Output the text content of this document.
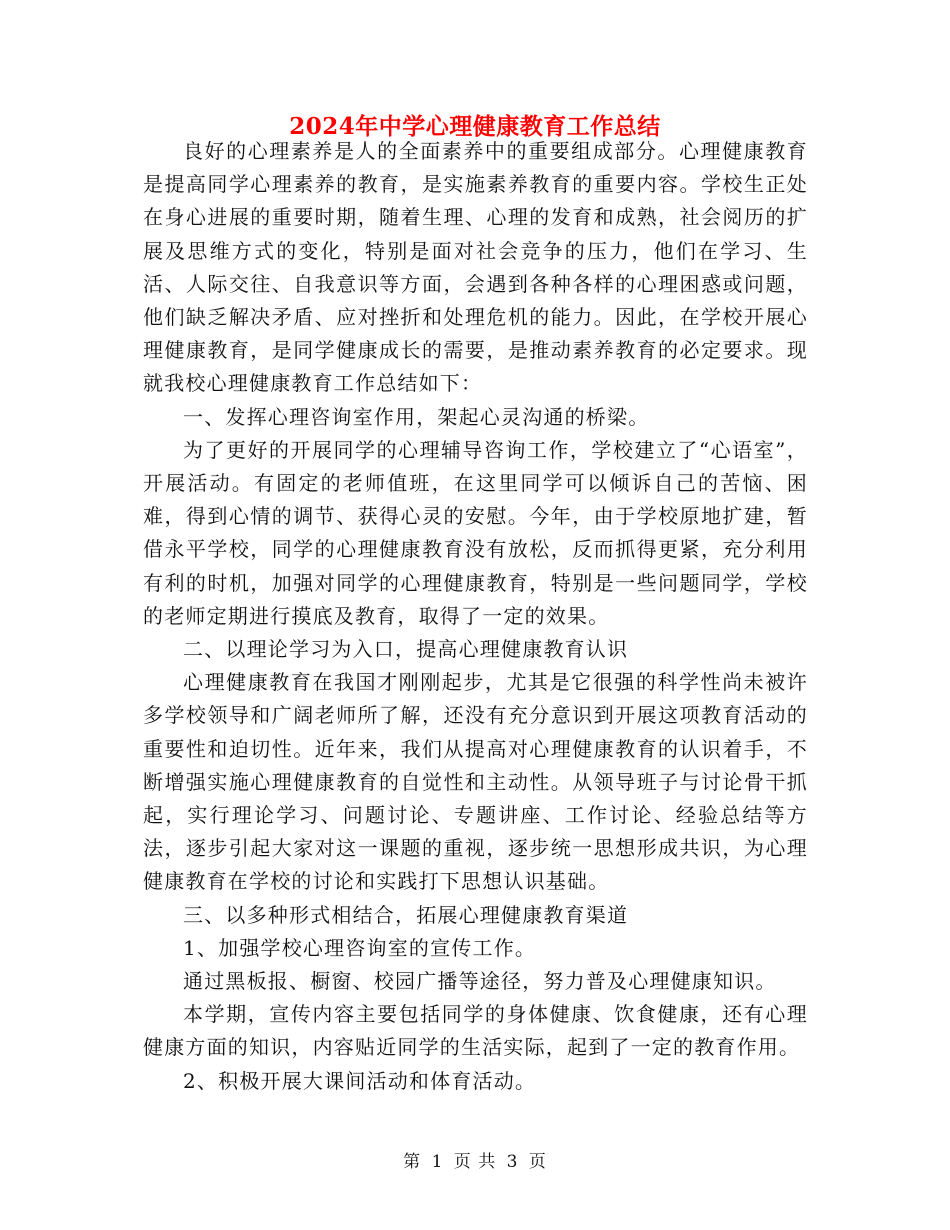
2024年中学心理健康教育工作总结

良好的心理素养是人的全面素养中的重要组成部分。心理健康教育是提高同学心理素养的教育，是实施素养教育的重要内容。学校生正处在身心进展的重要时期，随着生理、心理的发育和成熟，社会阅历的扩展及思维方式的变化，特别是面对社会竞争的压力，他们在学习、生活、人际交往、自我意识等方面，会遇到各种各样的心理困惑或问题，他们缺乏解决矛盾、应对挫折和处理危机的能力。因此，在学校开展心理健康教育，是同学健康成长的需要，是推动素养教育的必定要求。现就我校心理健康教育工作总结如下：

一、发挥心理咨询室作用，架起心灵沟通的桥梁。

为了更好的开展同学的心理辅导咨询工作，学校建立了“心语室”，开展活动。有固定的老师值班，在这里同学可以倾诉自己的苦恼、困难，得到心情的调节、获得心灵的安慰。今年，由于学校原地扩建，暂借永平学校，同学的心理健康教育没有放松，反而抓得更紧，充分利用有利的时机，加强对同学的心理健康教育，特别是一些问题同学，学校的老师定期进行摸底及教育，取得了一定的效果。

二、以理论学习为入口，提高心理健康教育认识

心理健康教育在我国才刚刚起步，尤其是它很强的科学性尚未被许多学校领导和广阔老师所了解，还没有充分意识到开展这项教育活动的重要性和迫切性。近年来，我们从提高对心理健康教育的认识着手，不断增强实施心理健康教育的自觉性和主动性。从领导班子与讨论骨干抓起，实行理论学习、问题讨论、专题讲座、工作讨论、经验总结等方法，逐步引起大家对这一课题的重视，逐步统一思想形成共识，为心理健康教育在学校的讨论和实践打下思想认识基础。

三、以多种形式相结合，拓展心理健康教育渠道

1、加强学校心理咨询室的宣传工作。

通过黑板报、橱窗、校园广播等途径，努力普及心理健康知识。

本学期，宣传内容主要包括同学的身体健康、饮食健康，还有心理健康方面的知识，内容贴近同学的生活实际，起到了一定的教育作用。

2、积极开展大课间活动和体育活动。

第 1 页 共 3 页
